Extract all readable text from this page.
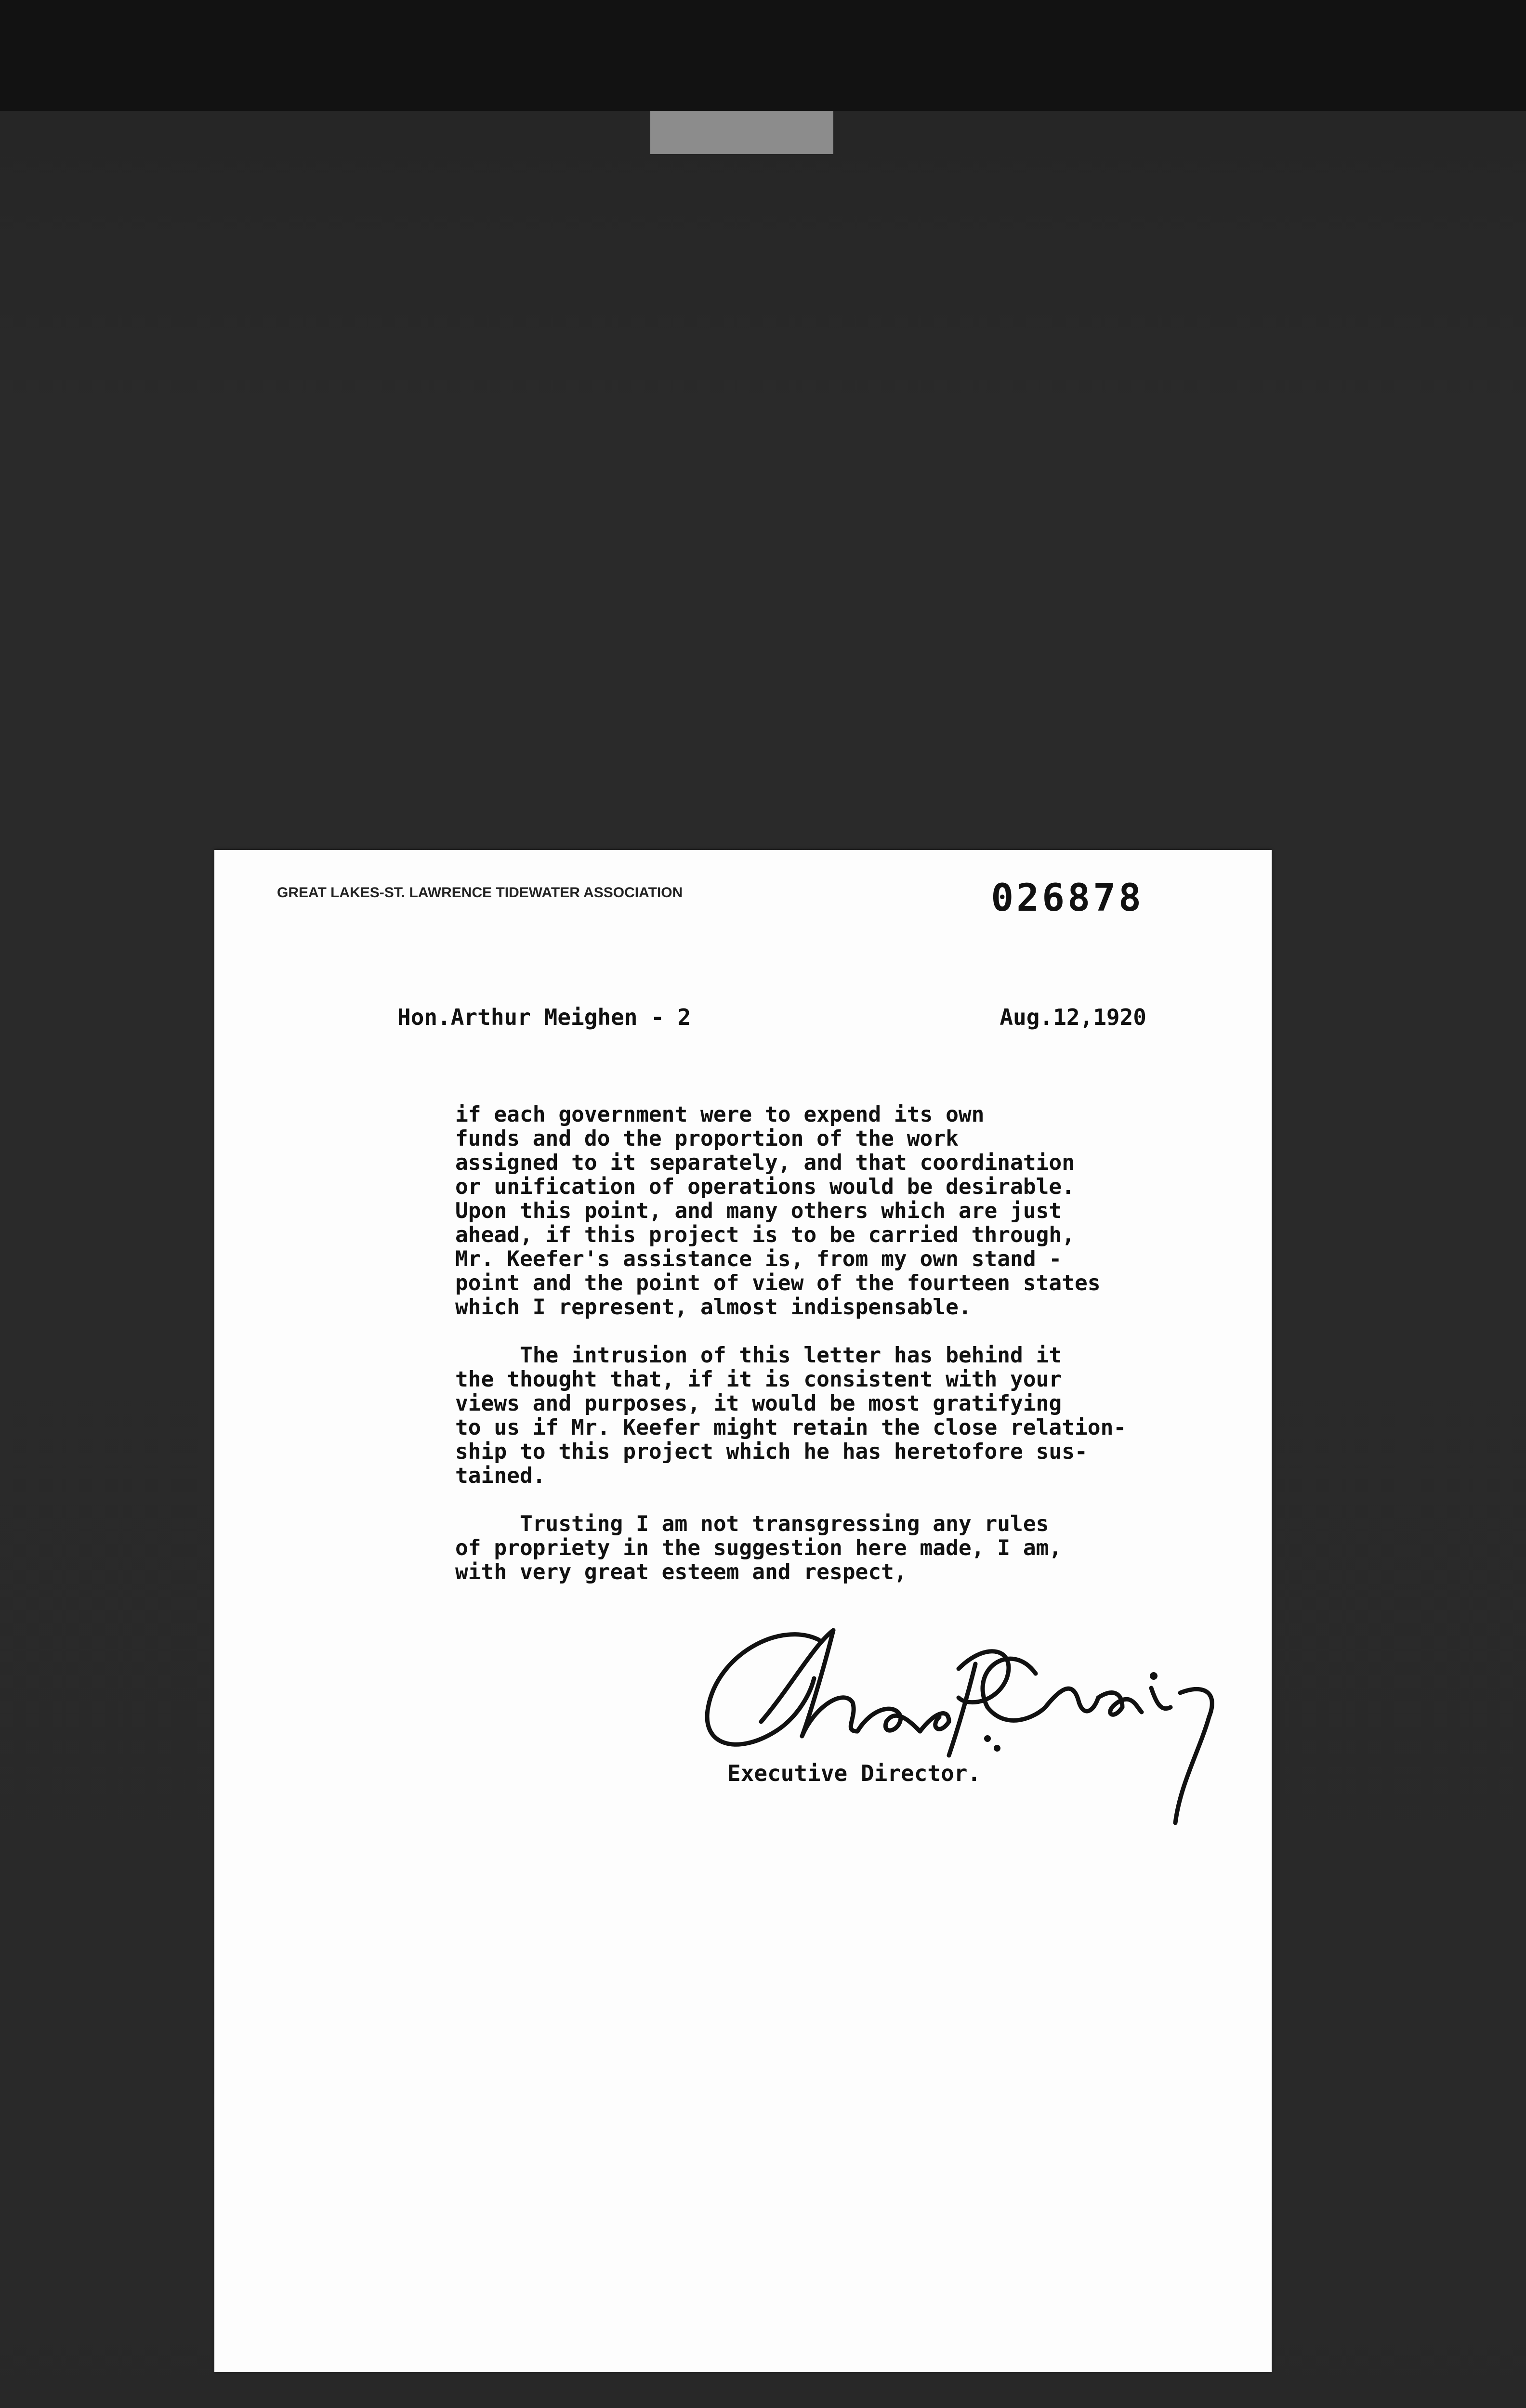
GREAT LAKES-ST. LAWRENCE TIDEWATER ASSOCIATION	026878
Hon.Arthur Meighen - 2	Aug.12,1920

if each government were to expend its own
funds and do the proportion of the work
assigned to it separately, and that coordination
or unification of operations would be desirable.
Upon this point, and many others which are just
ahead, if this project is to be carried through,
Mr. Keefer's assistance is, from my own stand -
point and the point of view of the fourteen states
which I represent, almost indispensable.

The intrusion of this letter has behind it
the thought that, if it is consistent with your
views and purposes, it would be most gratifying
to us if Mr. Keefer might retain the close relation-
ship to this project which he has heretofore sus-
tained.

Trusting I am not transgressing any rules
of propriety in the suggestion here made, I am,
with very great esteem and respect,

Executive Director.
